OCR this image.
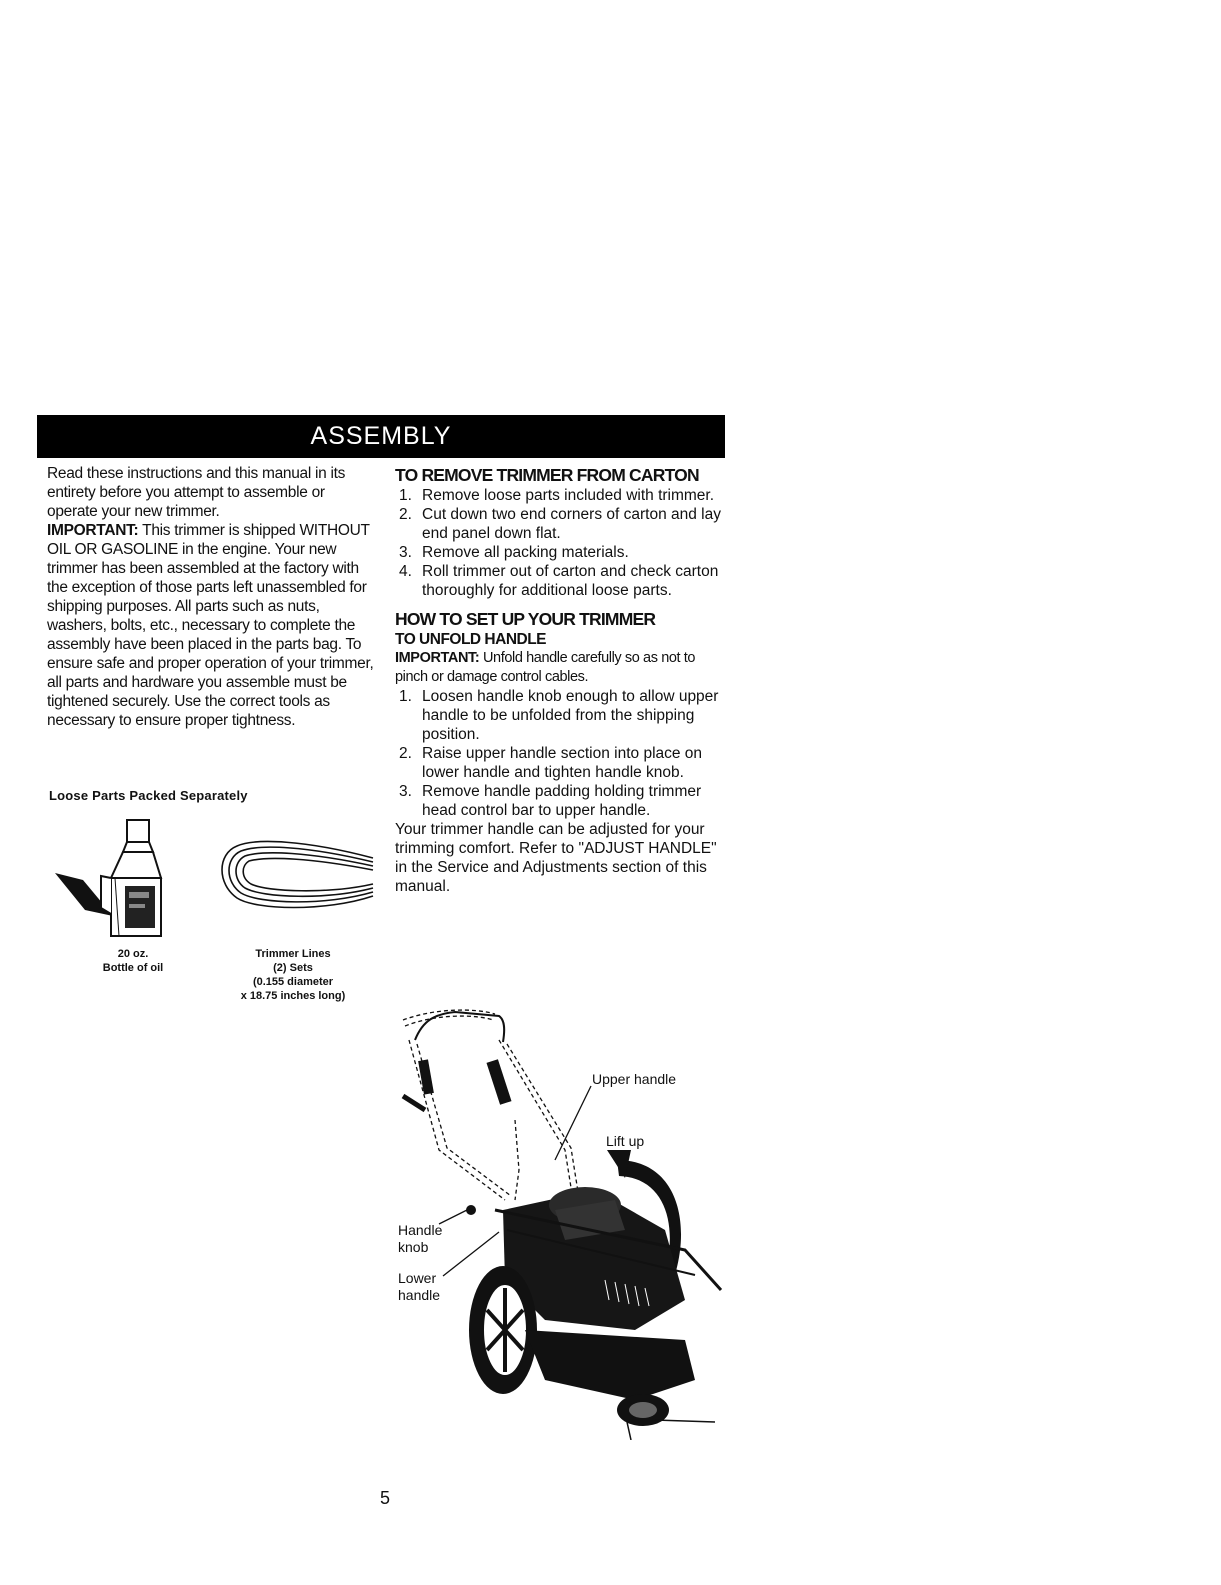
ASSEMBLY

Read these instructions and this manual in its entirety before you attempt to assemble or operate your new trimmer.

IMPORTANT: This trimmer is shipped WITHOUT OIL OR GASOLINE in the engine. Your new trimmer has been assembled at the factory with the exception of those parts left unassembled for shipping purposes. All parts such as nuts, washers, bolts, etc., necessary to complete the assembly have been placed in the parts bag. To ensure safe and proper operation of your trimmer, all parts and hardware you assemble must be tightened securely. Use the correct tools as necessary to ensure proper tightness.

Loose Parts Packed Separately
20 oz.
Bottle of oil
Trimmer Lines
(2) Sets
(0.155 diameter
x 18.75 inches long)

TO REMOVE TRIMMER FROM CARTON

1. Remove loose parts included with trimmer.
2. Cut down two end corners of carton and lay end panel down flat.
3. Remove all packing materials.
4. Roll trimmer out of carton and check carton thoroughly for additional loose parts.

HOW TO SET UP YOUR TRIMMER

TO UNFOLD HANDLE

IMPORTANT: Unfold handle carefully so as not to pinch or damage control cables.

1. Loosen handle knob enough to allow upper handle to be unfolded from the shipping position.
2. Raise upper handle section into place on lower handle and tighten handle knob.
3. Remove handle padding holding trimmer head control bar to upper handle.

Your trimmer handle can be adjusted for your trimming comfort. Refer to "ADJUST HANDLE" in the Service and Adjustments section of this manual.

Upper handle
Lift up
Handle
knob
Lower
handle
5
